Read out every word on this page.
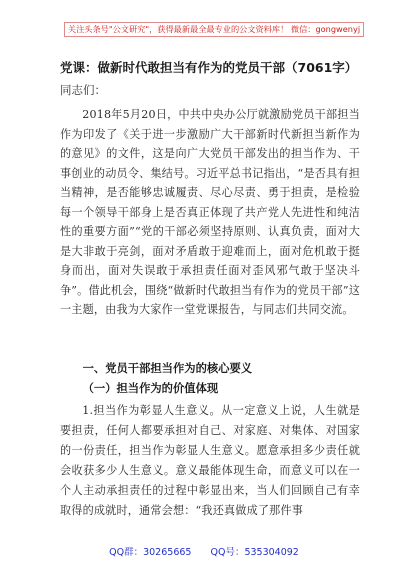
关注头条号"公文研究"，获得最新最全最专业的公文资料库！ 微信：gongwenyj
党课：做新时代敢担当有作为的党员干部（7061字）
同志们：

2018年5月20日，中共中央办公厅就激励党员干部担当作为印发了《关于进一步激励广大干部新时代新担当新作为的意见》的文件，这是向广大党员干部发出的担当作为、干事创业的动员令、集结号。习近平总书记指出，“是否具有担当精神，是否能够忠诚履责、尽心尽责、勇于担责，是检验每一个领导干部身上是否真正体现了共产党人先进性和纯洁性的重要方面”“党的干部必须坚持原则、认真负责，面对大是大非敢于亮剑，面对矛盾敢于迎难而上，面对危机敢于挺身而出，面对失误敢于承担责任面对歪风邪气敢于坚决斗争”。借此机会，围绕“做新时代敢担当有作为的党员干部”这一主题，由我为大家作一堂党课报告，与同志们共同交流。

一、党员干部担当作为的核心要义
（一）担当作为的价值体现

1.担当作为彰显人生意义。从一定意义上说，人生就是要担责，任何人都要承担对自己、对家庭、对集体、对国家的一份责任，担当作为彰显人生意义。愿意承担多少责任就会收获多少人生意义。意义最能体现生命，而意义可以在一个人主动承担责任的过程中彰显出来，当人们回顾自己有幸取得的成就时，通常会想：“我还真做成了那件事

QQ群：30265665 QQ号：535304092
